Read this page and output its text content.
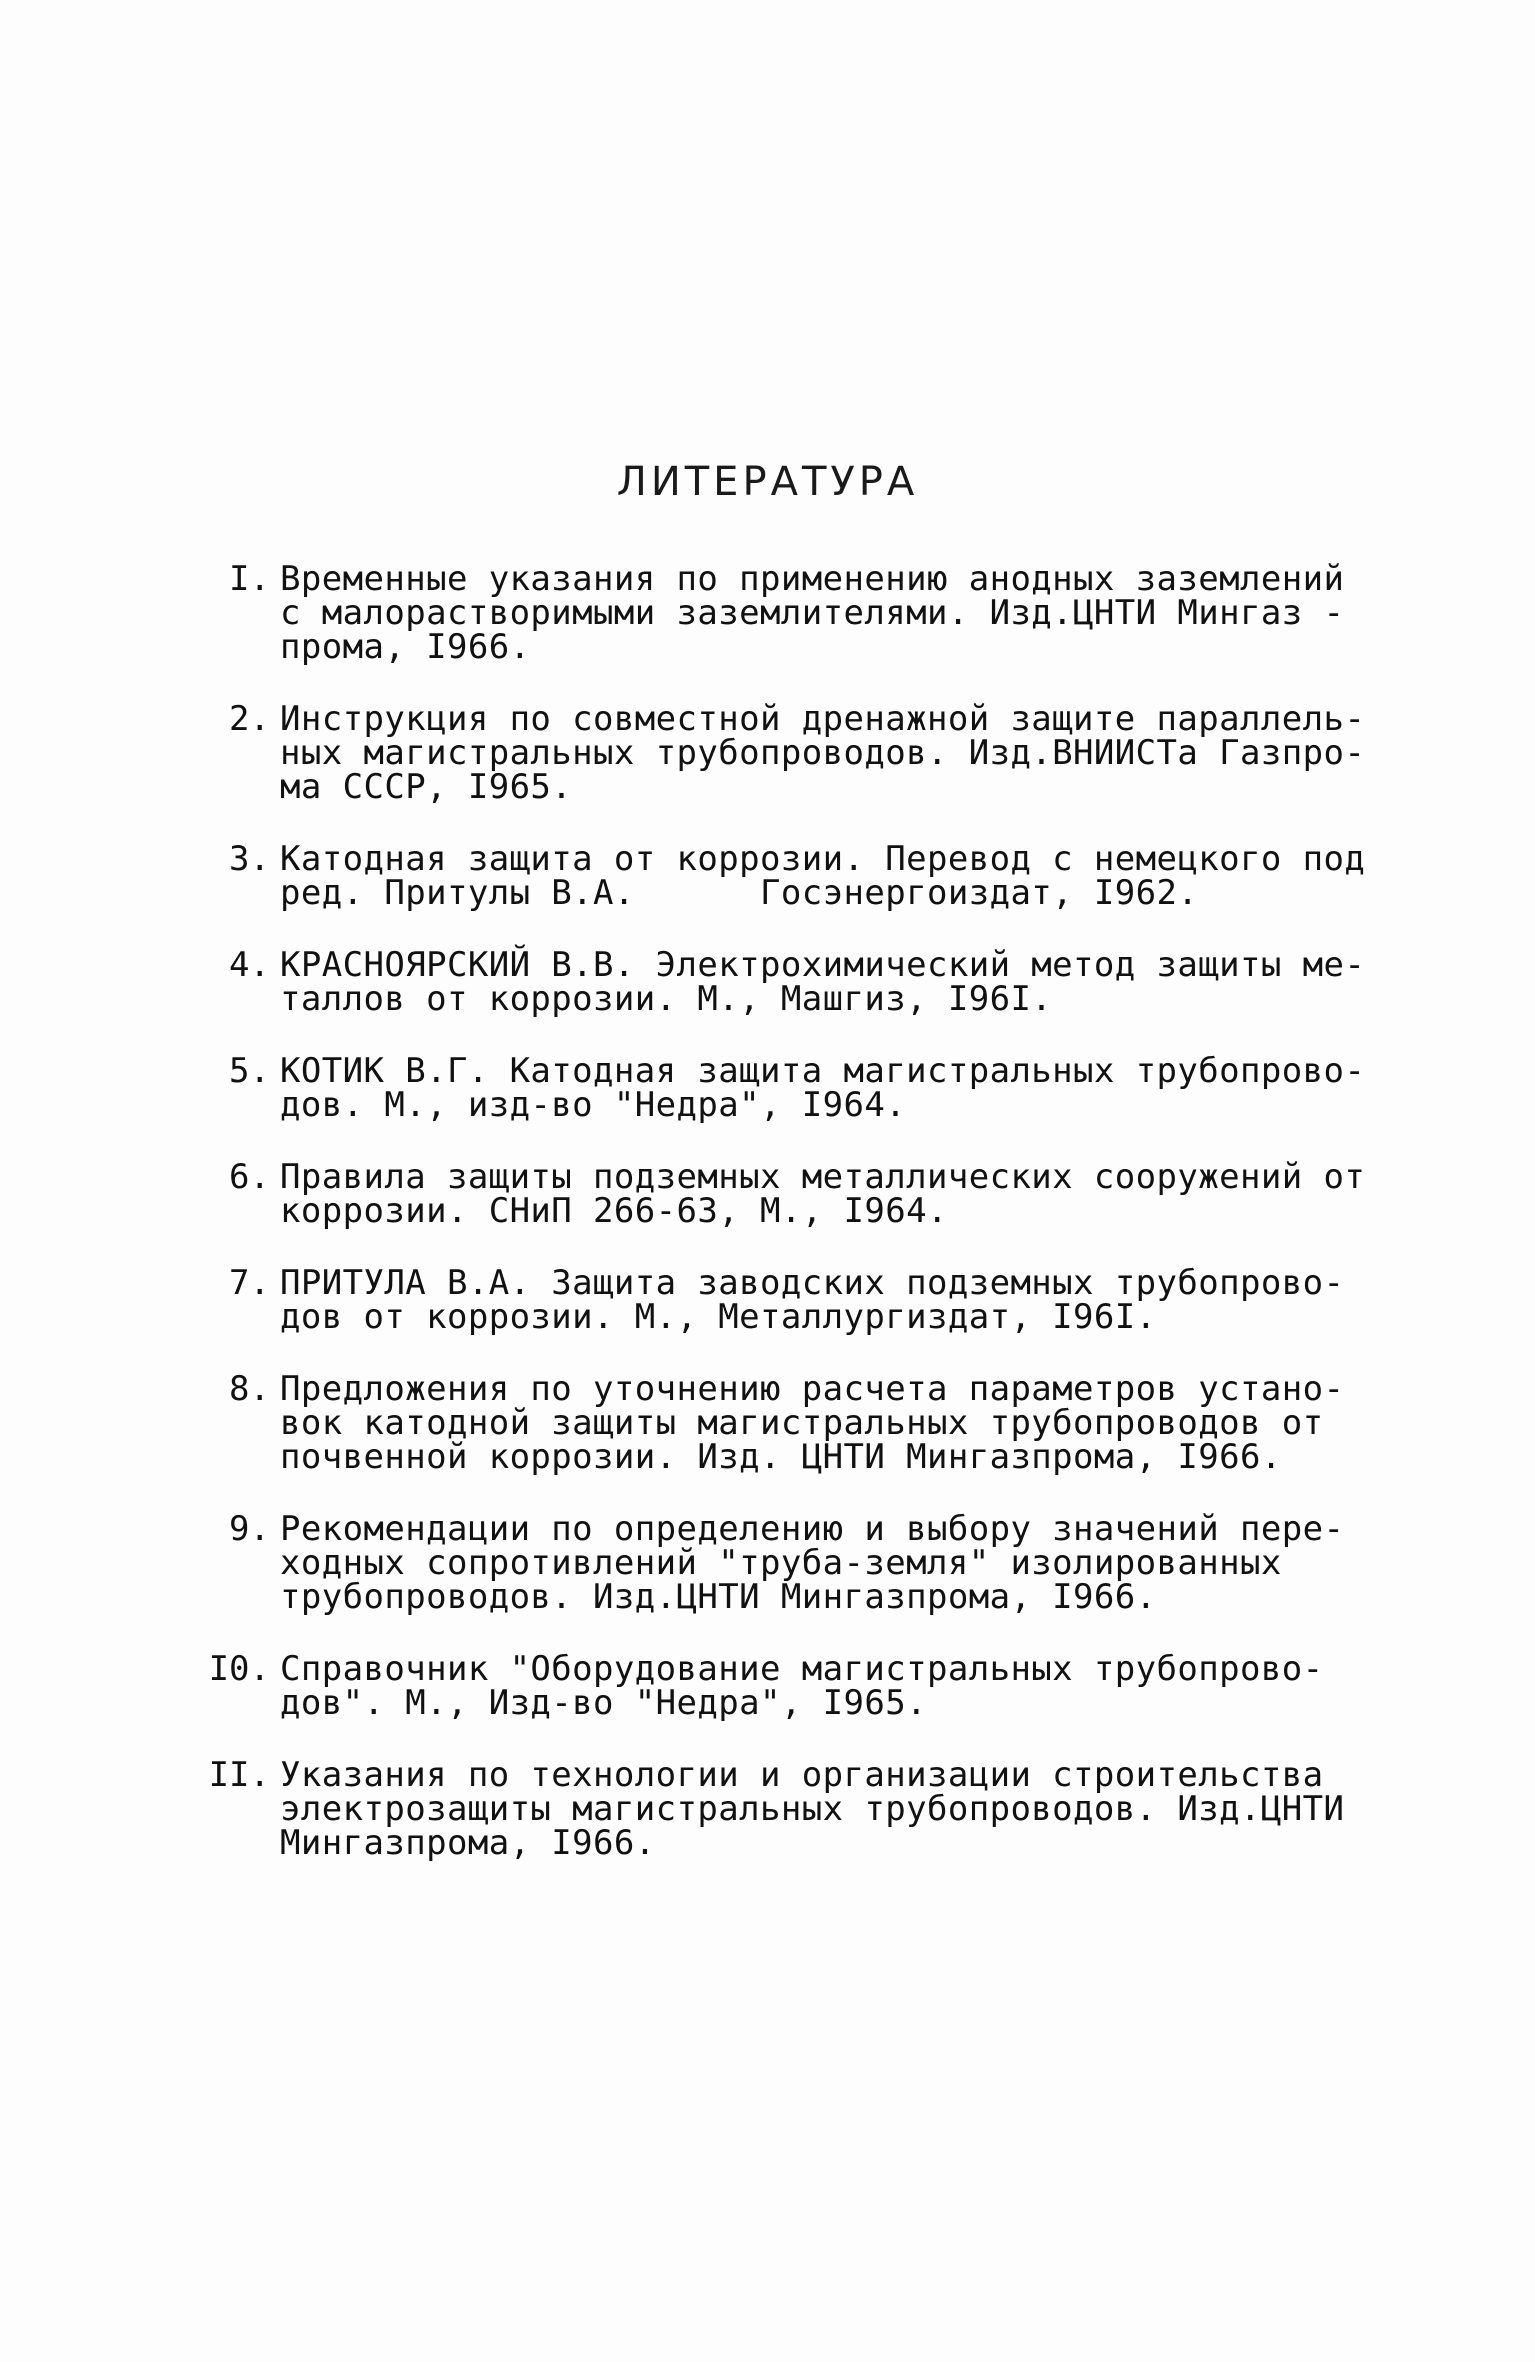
ЛИТЕРАТУРА
I. Временные указания по применению анодных заземлений
с малорастворимыми заземлителями. Изд.ЦНТИ Мингаз -
прома, I966.
2. Инструкция по совместной дренажной защите параллель-
ных магистральных трубопроводов. Изд.ВНИИСТа Газпро-
ма СССР, I965.
3. Катодная защита от коррозии. Перевод с немецкого под
ред. Притулы В.А.      Госэнергоиздат, I962.
4. КРАСНОЯРСКИЙ В.В. Электрохимический метод защиты ме-
таллов от коррозии. М., Машгиз, I96I.
5. КОТИК В.Г. Катодная защита магистральных трубопрово-
дов. М., изд-во "Недра", I964.
6. Правила защиты подземных металлических сооружений от
коррозии. СНиП 266-63, М., I964.
7. ПРИТУЛА В.А. Защита заводских подземных трубопрово-
дов от коррозии. М., Металлургиздат, I96I.
8. Предложения по уточнению расчета параметров устано-
вок катодной защиты магистральных трубопроводов от
почвенной коррозии. Изд. ЦНТИ Мингазпрома, I966.
9. Рекомендации по определению и выбору значений пере-
ходных сопротивлений "труба-земля" изолированных
трубопроводов. Изд.ЦНТИ Мингазпрома, I966.
I0. Справочник "Оборудование магистральных трубопрово-
дов". М., Изд-во "Недра", I965.
II. Указания по технологии и организации строительства
электрозащиты магистральных трубопроводов. Изд.ЦНТИ
Мингазпрома, I966.
